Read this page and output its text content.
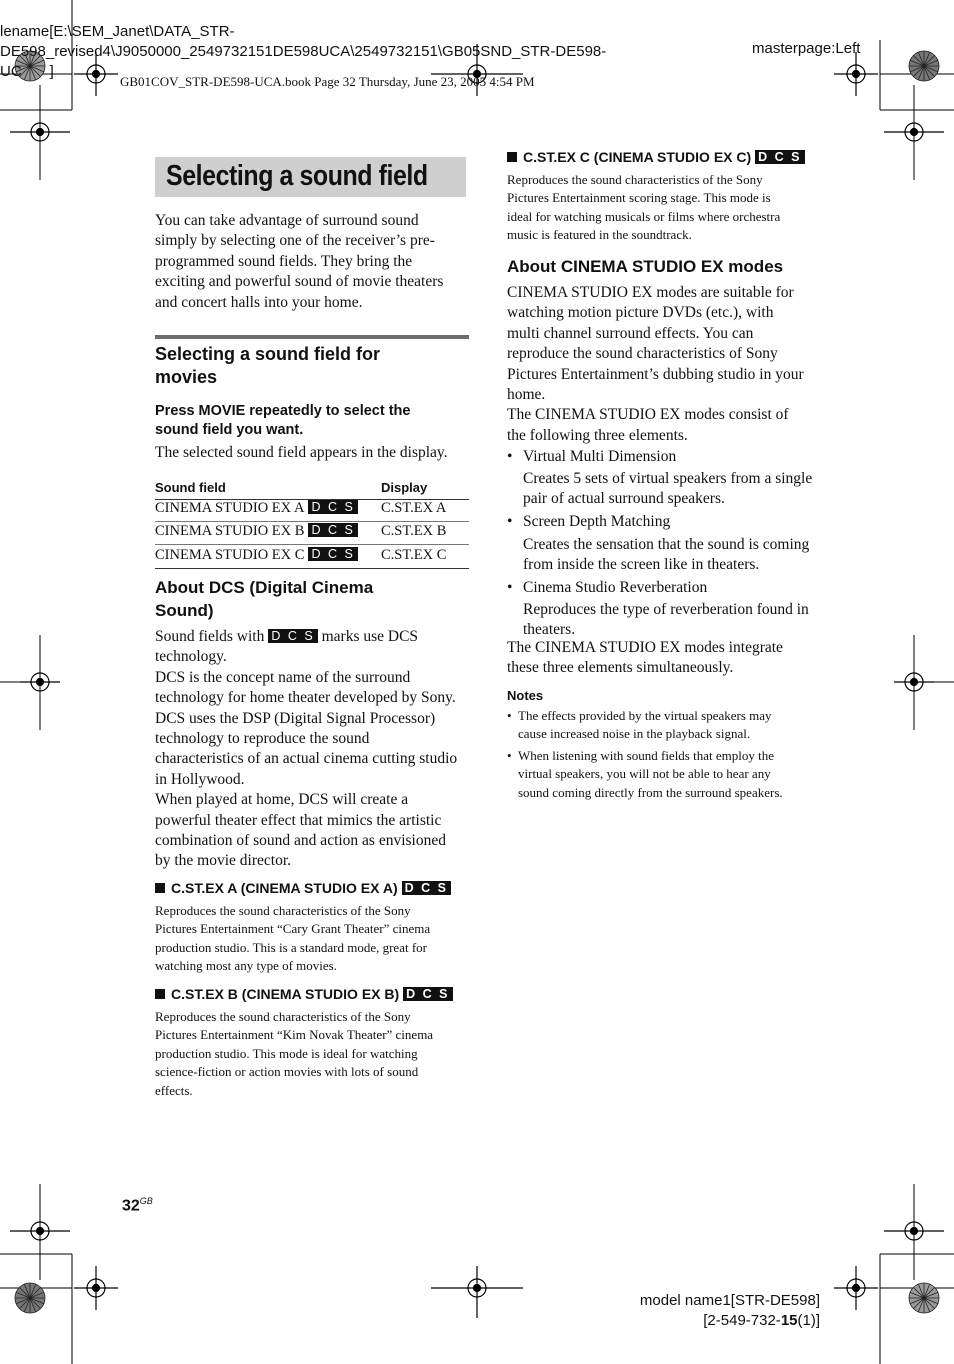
lename[E:\SEM_Janet\DATA_STR-
DE598_revised4\J9050000_2549732151DE598UCA\2549732151\GB05SND_STR-DE598-
UC ]
masterpage:Left
GB01COV_STR-DE598-UCA.book Page 32 Thursday, June 23, 2005 4:54 PM
Selecting a sound field
You can take advantage of surround sound
simply by selecting one of the receiver’s pre-
programmed sound fields. They bring the
exciting and powerful sound of movie theaters
and concert halls into your home.
Selecting a sound field for
movies
Press MOVIE repeatedly to select the
sound field you want.
The selected sound field appears in the display.
Sound field	Display
CINEMA STUDIO EX A D C S C.ST.EX A
CINEMA STUDIO EX B D C S C.ST.EX B
CINEMA STUDIO EX C D C S C.ST.EX C
About DCS (Digital Cinema
Sound)
Sound fields with D C S marks use DCS
technology.
DCS is the concept name of the surround
technology for home theater developed by Sony.
DCS uses the DSP (Digital Signal Processor)
technology to reproduce the sound
characteristics of an actual cinema cutting studio
in Hollywood.
When played at home, DCS will create a
powerful theater effect that mimics the artistic
combination of sound and action as envisioned
by the movie director.
C.ST.EX A (CINEMA STUDIO EX A) D C S
Reproduces the sound characteristics of the Sony
Pictures Entertainment “Cary Grant Theater” cinema
production studio. This is a standard mode, great for
watching most any type of movies.
C.ST.EX B (CINEMA STUDIO EX B) D C S
Reproduces the sound characteristics of the Sony
Pictures Entertainment “Kim Novak Theater” cinema
production studio. This mode is ideal for watching
science-fiction or action movies with lots of sound
effects.
C.ST.EX C (CINEMA STUDIO EX C) D C S
Reproduces the sound characteristics of the Sony
Pictures Entertainment scoring stage. This mode is
ideal for watching musicals or films where orchestra
music is featured in the soundtrack.
About CINEMA STUDIO EX modes
CINEMA STUDIO EX modes are suitable for
watching motion picture DVDs (etc.), with
multi channel surround effects. You can
reproduce the sound characteristics of Sony
Pictures Entertainment’s dubbing studio in your
home.
The CINEMA STUDIO EX modes consist of
the following three elements.
• Virtual Multi Dimension
Creates 5 sets of virtual speakers from a single
pair of actual surround speakers.
• Screen Depth Matching
Creates the sensation that the sound is coming
from inside the screen like in theaters.
• Cinema Studio Reverberation
Reproduces the type of reverberation found in
theaters.
The CINEMA STUDIO EX modes integrate
these three elements simultaneously.
Notes
• The effects provided by the virtual speakers may
cause increased noise in the playback signal.
• When listening with sound fields that employ the
virtual speakers, you will not be able to hear any
sound coming directly from the surround speakers.
$32^{GB}$
model name1[STR-DE598]
[2-549-732-15(1)]
